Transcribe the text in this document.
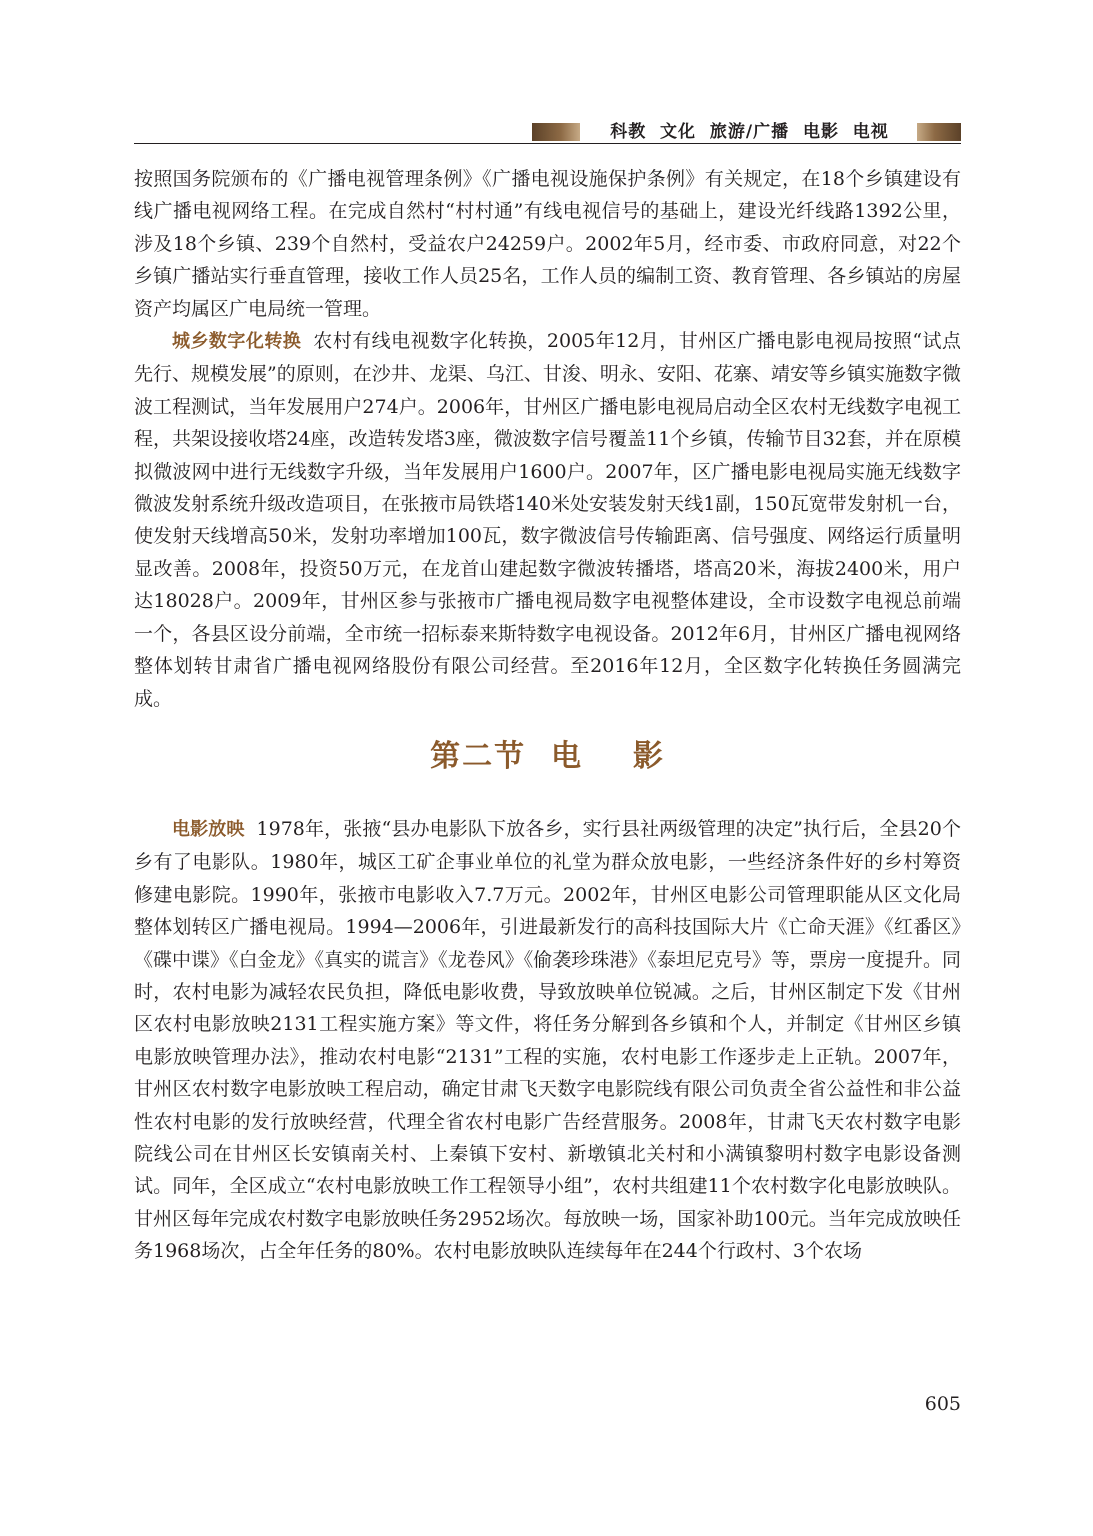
科教  文化  旅游/广播  电影  电视

按照国务院颁布的《广播电视管理条例》《广播电视设施保护条例》有关规定，在18个乡镇建设有线广播电视网络工程。在完成自然村“村村通”有线电视信号的基础上，建设光纤线路1392公里，涉及18个乡镇、239个自然村，受益农户24259户。2002年5月，经市委、市政府同意，对22个乡镇广播站实行垂直管理，接收工作人员25名，工作人员的编制工资、教育管理、各乡镇站的房屋资产均属区广电局统一管理。

城乡数字化转换 农村有线电视数字化转换，2005年12月，甘州区广播电影电视局按照“试点先行、规模发展”的原则，在沙井、龙渠、乌江、甘浚、明永、安阳、花寨、靖安等乡镇实施数字微波工程测试，当年发展用户274户。2006年，甘州区广播电影电视局启动全区农村无线数字电视工程，共架设接收塔24座，改造转发塔3座，微波数字信号覆盖11个乡镇，传输节目32套，并在原模拟微波网中进行无线数字升级，当年发展用户1600户。2007年，区广播电影电视局实施无线数字微波发射系统升级改造项目，在张掖市局铁塔140米处安装发射天线1副，150瓦宽带发射机一台，使发射天线增高50米，发射功率增加100瓦，数字微波信号传输距离、信号强度、网络运行质量明显改善。2008年，投资50万元，在龙首山建起数字微波转播塔，塔高20米，海拔2400米，用户达18028户。2009年，甘州区参与张掖市广播电视局数字电视整体建设，全市设数字电视总前端一个，各县区设分前端，全市统一招标泰来斯特数字电视设备。2012年6月，甘州区广播电视网络整体划转甘肃省广播电视网络股份有限公司经营。至2016年12月，全区数字化转换任务圆满完成。

第二节  电    影

电影放映 1978年，张掖“县办电影队下放各乡，实行县社两级管理的决定”执行后，全县20个乡有了电影队。1980年，城区工矿企事业单位的礼堂为群众放电影，一些经济条件好的乡村筹资修建电影院。1990年，张掖市电影收入7.7万元。2002年，甘州区电影公司管理职能从区文化局整体划转区广播电视局。1994—2006年，引进最新发行的高科技国际大片《亡命天涯》《红番区》《碟中谍》《白金龙》《真实的谎言》《龙卷风》《偷袭珍珠港》《泰坦尼克号》等，票房一度提升。同时，农村电影为减轻农民负担，降低电影收费，导致放映单位锐减。之后，甘州区制定下发《甘州区农村电影放映2131工程实施方案》等文件，将任务分解到各乡镇和个人，并制定《甘州区乡镇电影放映管理办法》，推动农村电影“2131”工程的实施，农村电影工作逐步走上正轨。2007年，甘州区农村数字电影放映工程启动，确定甘肃飞天数字电影院线有限公司负责全省公益性和非公益性农村电影的发行放映经营，代理全省农村电影广告经营服务。2008年，甘肃飞天农村数字电影院线公司在甘州区长安镇南关村、上秦镇下安村、新墩镇北关村和小满镇黎明村数字电影设备测试。同年，全区成立“农村电影放映工作工程领导小组”，农村共组建11个农村数字化电影放映队。甘州区每年完成农村数字电影放映任务2952场次。每放映一场，国家补助100元。当年完成放映任务1968场次，占全年任务的80%。农村电影放映队连续每年在244个行政村、3个农场

605
